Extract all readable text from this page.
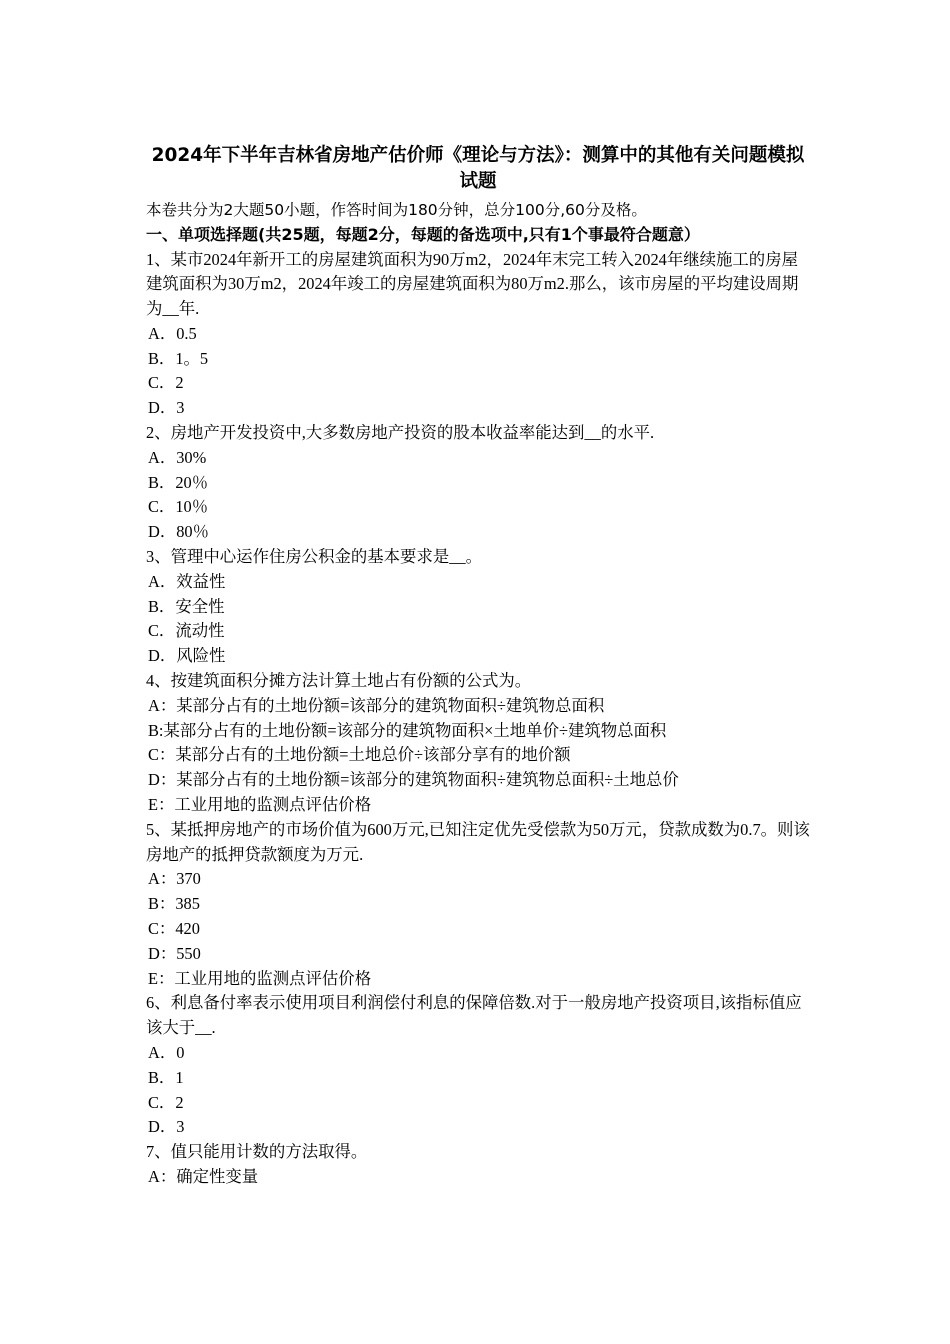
2024年下半年吉林省房地产估价师《理论与方法》：测算中的其他有关问题模拟试题
本卷共分为2大题50小题，作答时间为180分钟，总分100分,60分及格。
一、单项选择题(共25题，每题2分，每题的备选项中,只有1个事最符合题意）
1、某市2024年新开工的房屋建筑面积为90万m2，2024年末完工转入2024年继续施工的房屋建筑面积为30万m2，2024年竣工的房屋建筑面积为80万m2.那么，该市房屋的平均建设周期为__年.
A．0.5
B．1。5
C．2
D．3
2、房地产开发投资中,大多数房地产投资的股本收益率能达到__的水平.
A．30%
B．20％
C．10％
D．80％
3、管理中心运作住房公积金的基本要求是__。
A．效益性
B．安全性
C．流动性
D．风险性
4、按建筑面积分摊方法计算土地占有份额的公式为。
A：某部分占有的土地份额=该部分的建筑物面积÷建筑物总面积
B:某部分占有的土地份额=该部分的建筑物面积×土地单价÷建筑物总面积
C：某部分占有的土地份额=土地总价÷该部分享有的地价额
D：某部分占有的土地份额=该部分的建筑物面积÷建筑物总面积÷土地总价
E：工业用地的监测点评估价格
5、某抵押房地产的市场价值为600万元,已知注定优先受偿款为50万元，贷款成数为0.7。则该房地产的抵押贷款额度为万元.
A：370
B：385
C：420
D：550
E：工业用地的监测点评估价格
6、利息备付率表示使用项目利润偿付利息的保障倍数.对于一般房地产投资项目,该指标值应该大于__.
A．0
B．1
C．2
D．3
7、值只能用计数的方法取得。
A：确定性变量
